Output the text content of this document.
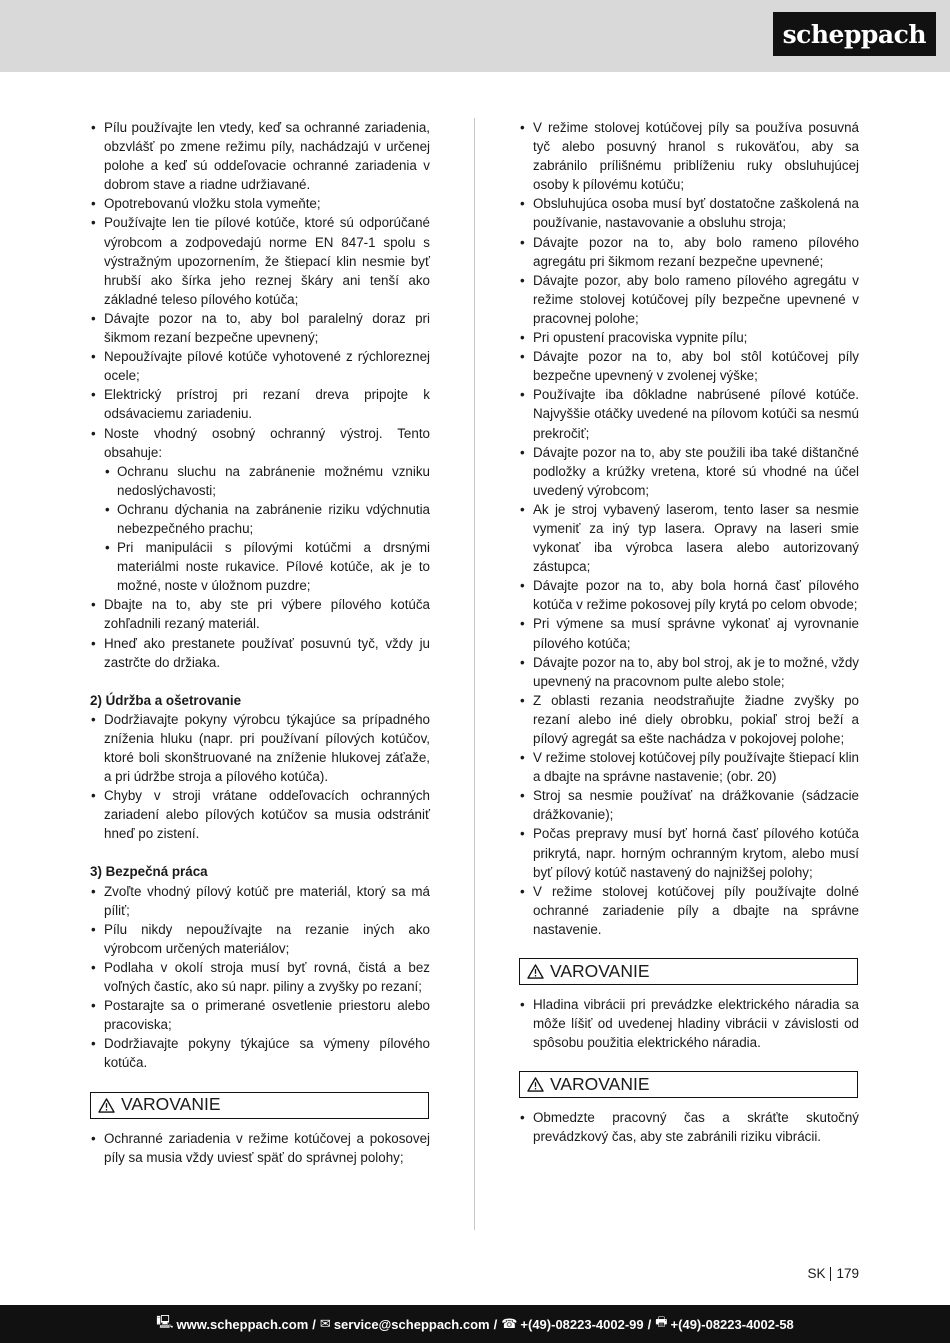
scheppach
• Pílu používajte len vtedy, keď sa ochranné zariadenia, obzvlášť po zmene režimu píly, nachádzajú v určenej polohe a keď sú oddeľovacie ochranné zariadenia v dobrom stave a riadne udržiavané.
• Opotrebovanú vložku stola vymeňte;
• Používajte len tie pílové kotúče, ktoré sú odporúčané výrobcom a zodpovedajú norme EN 847-1 spolu s výstražným upozornením, že štiepací klin nesmie byť hrubší ako šírka jeho reznej škáry ani tenší ako základné teleso pílového kotúča;
• Dávajte pozor na to, aby bol paralelný doraz pri šikmom rezaní bezpečne upevnený;
• Nepoužívajte pílové kotúče vyhotovené z rýchloreznej ocele;
• Elektrický prístroj pri rezaní dreva pripojte k odsávaciemu zariadeniu.
• Noste vhodný osobný ochranný výstroj. Tento obsahuje:
• Ochranu sluchu na zabránenie možnému vzniku nedoslýchavosti;
• Ochranu dýchania na zabránenie riziku vdýchnutia nebezpečného prachu;
• Pri manipulácii s pílovými kotúčmi a drsnými materiálmi noste rukavice. Pílové kotúče, ak je to možné, noste v úložnom puzdre;
• Dbajte na to, aby ste pri výbere pílového kotúča zohľadnili rezaný materiál.
• Hneď ako prestanete používať posuvnú tyč, vždy ju zastrčte do držiaka.
2) Údržba a ošetrovanie
• Dodržiavajte pokyny výrobcu týkajúce sa prípadného zníženia hluku (napr. pri používaní pílových kotúčov, ktoré boli skonštruované na zníženie hlukovej záťaže, a pri údržbe stroja a pílového kotúča).
• Chyby v stroji vrátane oddeľovacích ochranných zariadení alebo pílových kotúčov sa musia odstrániť hneď po zistení.
3) Bezpečná práca
• Zvoľte vhodný pílový kotúč pre materiál, ktorý sa má píliť;
• Pílu nikdy nepoužívajte na rezanie iných ako výrobcom určených materiálov;
• Podlaha v okolí stroja musí byť rovná, čistá a bez voľných častíc, ako sú napr. piliny a zvyšky po rezaní;
• Postarajte sa o primerané osvetlenie priestoru alebo pracoviska;
• Dodržiavajte pokyny týkajúce sa výmeny pílového kotúča.
VAROVANIE
• Ochranné zariadenia v režime kotúčovej a pokosovej píly sa musia vždy uviesť späť do správnej polohy;
• V režime stolovej kotúčovej píly sa používa posuvná tyč alebo posuvný hranol s rukoväťou, aby sa zabránilo prílišnému priblíženiu ruky obsluhujúcej osoby k pílovému kotúču;
• Obsluhujúca osoba musí byť dostatočne zaškolená na používanie, nastavovanie a obsluhu stroja;
• Dávajte pozor na to, aby bolo rameno pílového agregátu pri šikmom rezaní bezpečne upevnené;
• Dávajte pozor, aby bolo rameno pílového agregátu v režime stolovej kotúčovej píly bezpečne upevnené v pracovnej polohe;
• Pri opustení pracoviska vypnite pílu;
• Dávajte pozor na to, aby bol stôl kotúčovej píly bezpečne upevnený v zvolenej výške;
• Používajte iba dôkladne nabrúsené pílové kotúče. Najvyššie otáčky uvedené na pílovom kotúči sa nesmú prekročiť;
• Dávajte pozor na to, aby ste použili iba také dištančné podložky a krúžky vretena, ktoré sú vhodné na účel uvedený výrobcom;
• Ak je stroj vybavený laserom, tento laser sa nesmie vymeniť za iný typ lasera. Opravy na laseri smie vykonať iba výrobca lasera alebo autorizovaný zástupca;
• Dávajte pozor na to, aby bola horná časť pílového kotúča v režime pokosovej píly krytá po celom obvode;
• Pri výmene sa musí správne vykonať aj vyrovnanie pílového kotúča;
• Dávajte pozor na to, aby bol stroj, ak je to možné, vždy upevnený na pracovnom pulte alebo stole;
• Z oblasti rezania neodstraňujte žiadne zvyšky po rezaní alebo iné diely obrobku, pokiaľ stroj beží a pílový agregát sa ešte nachádza v pokojovej polohe;
• V režime stolovej kotúčovej píly používajte štiepací klin a dbajte na správne nastavenie; (obr. 20)
• Stroj sa nesmie používať na drážkovanie (sádzacie drážkovanie);
• Počas prepravy musí byť horná časť pílového kotúča prikrytá, napr. horným ochranným krytom, alebo musí byť pílový kotúč nastavený do najnižšej polohy;
• V režime stolovej kotúčovej píly používajte dolné ochranné zariadenie píly a dbajte na správne nastavenie.
VAROVANIE
• Hladina vibrácii pri prevádzke elektrického náradia sa môže líšiť od uvedenej hladiny vibrácii v závislosti od spôsobu použitia elektrického náradia.
VAROVANIE
• Obmedzte pracovný čas a skráťte skutočný prevádzkový čas, aby ste zabránili riziku vibrácii.
SK 179
🖳︎ www.scheppach.com / ✉︎ service@scheppach.com / ☎︎ +(49)-08223-4002-99 / 🖶︎ +(49)-08223-4002-58
